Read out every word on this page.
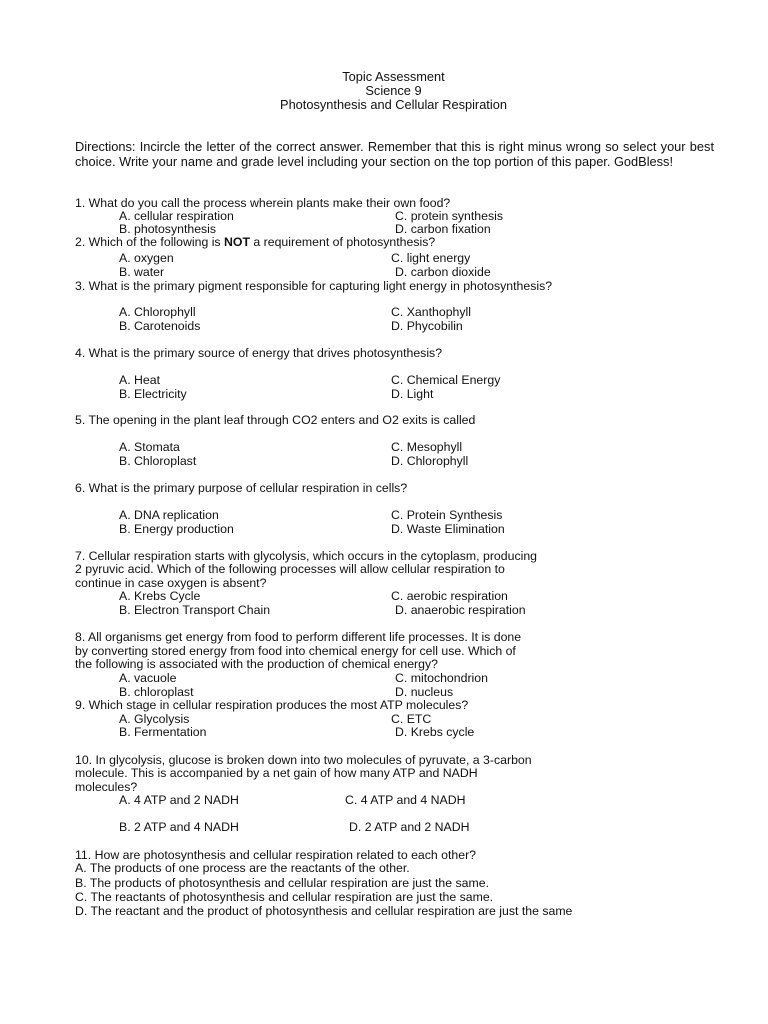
Topic Assessment
Science 9
Photosynthesis and Cellular Respiration
Directions: Incircle the letter of the correct answer. Remember that this is right minus wrong so select your best choice. Write your name and grade level including your section on the top portion of this paper. GodBless!
1. What do you call the process wherein plants make their own food?
A. cellular respiration	C. protein synthesis
B. photosynthesis	D. carbon fixation
2. Which of the following is NOT a requirement of photosynthesis?
A. oxygen	C. light energy
B. water	D. carbon dioxide
3. What is the primary pigment responsible for capturing light energy in photosynthesis?
A. Chlorophyll	C. Xanthophyll
B. Carotenoids	D. Phycobilin
4. What is the primary source of energy that drives photosynthesis?
A. Heat	C. Chemical Energy
B. Electricity	D. Light
5. The opening in the plant leaf through CO2 enters and O2 exits is called
A. Stomata	C. Mesophyll
B. Chloroplast	D. Chlorophyll
6. What is the primary purpose of cellular respiration in cells?
A. DNA replication	C. Protein Synthesis
B. Energy production	D. Waste Elimination
7. Cellular respiration starts with glycolysis, which occurs in the cytoplasm, producing
2 pyruvic acid. Which of the following processes will allow cellular respiration to
continue in case oxygen is absent?
A. Krebs Cycle	C. aerobic respiration
B. Electron Transport Chain	D. anaerobic respiration
8. All organisms get energy from food to perform different life processes. It is done
by converting stored energy from food into chemical energy for cell use. Which of
the following is associated with the production of chemical energy?
A. vacuole	C. mitochondrion
B. chloroplast	D. nucleus
9. Which stage in cellular respiration produces the most ATP molecules?
A. Glycolysis	C. ETC
B. Fermentation	D. Krebs cycle
10. In glycolysis, glucose is broken down into two molecules of pyruvate, a 3-carbon
molecule. This is accompanied by a net gain of how many ATP and NADH
molecules?
A. 4 ATP and 2 NADH	C. 4 ATP and 4 NADH
B. 2 ATP and 4 NADH	D. 2 ATP and 2 NADH
11. How are photosynthesis and cellular respiration related to each other?
A. The products of one process are the reactants of the other.
B. The products of photosynthesis and cellular respiration are just the same.
C. The reactants of photosynthesis and cellular respiration are just the same.
D. The reactant and the product of photosynthesis and cellular respiration are just the same
